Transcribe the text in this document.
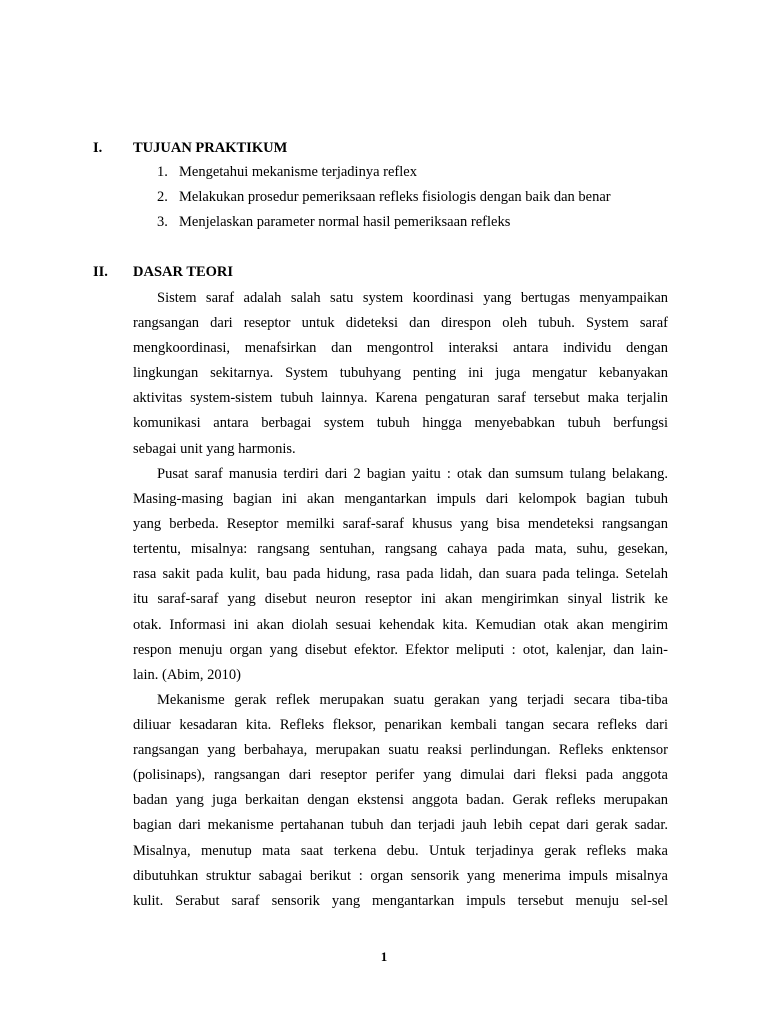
I. TUJUAN PRAKTIKUM
1. Mengetahui mekanisme terjadinya reflex
2. Melakukan prosedur pemeriksaan refleks fisiologis dengan baik dan benar
3. Menjelaskan parameter normal hasil pemeriksaan refleks
II. DASAR TEORI
Sistem saraf adalah salah satu system koordinasi yang bertugas menyampaikan
rangsangan dari reseptor untuk dideteksi dan direspon oleh tubuh. System saraf
mengkoordinasi, menafsirkan dan mengontrol interaksi antara individu dengan
lingkungan sekitarnya. System tubuhyang penting ini juga mengatur kebanyakan
aktivitas system-sistem tubuh lainnya. Karena pengaturan saraf tersebut maka terjalin
komunikasi antara berbagai system tubuh hingga menyebabkan tubuh berfungsi
sebagai unit yang harmonis.
Pusat saraf manusia terdiri dari 2 bagian yaitu : otak dan sumsum tulang belakang.
Masing-masing bagian ini akan mengantarkan impuls dari kelompok bagian tubuh
yang berbeda. Reseptor memilki saraf-saraf khusus yang bisa mendeteksi rangsangan
tertentu, misalnya: rangsang sentuhan, rangsang cahaya pada mata, suhu, gesekan,
rasa sakit pada kulit, bau pada hidung, rasa pada lidah, dan suara pada telinga. Setelah
itu saraf-saraf yang disebut neuron reseptor ini akan mengirimkan sinyal listrik ke
otak. Informasi ini akan diolah sesuai kehendak kita. Kemudian otak akan mengirim
respon menuju organ yang disebut efektor. Efektor meliputi : otot, kalenjar, dan lain-
lain. (Abim, 2010)
Mekanisme gerak reflek merupakan suatu gerakan yang terjadi secara tiba-tiba
diliuar kesadaran kita. Refleks fleksor, penarikan kembali tangan secara refleks dari
rangsangan yang berbahaya, merupakan suatu reaksi perlindungan. Refleks enktensor
(polisinaps), rangsangan dari reseptor perifer yang dimulai dari fleksi pada anggota
badan yang juga berkaitan dengan ekstensi anggota badan. Gerak refleks merupakan
bagian dari mekanisme pertahanan tubuh dan terjadi jauh lebih cepat dari gerak sadar.
Misalnya, menutup mata saat terkena debu. Untuk terjadinya gerak refleks maka
dibutuhkan struktur sabagai berikut : organ sensorik yang menerima impuls misalnya
kulit. Serabut saraf sensorik yang mengantarkan impuls tersebut menuju sel-sel
1
